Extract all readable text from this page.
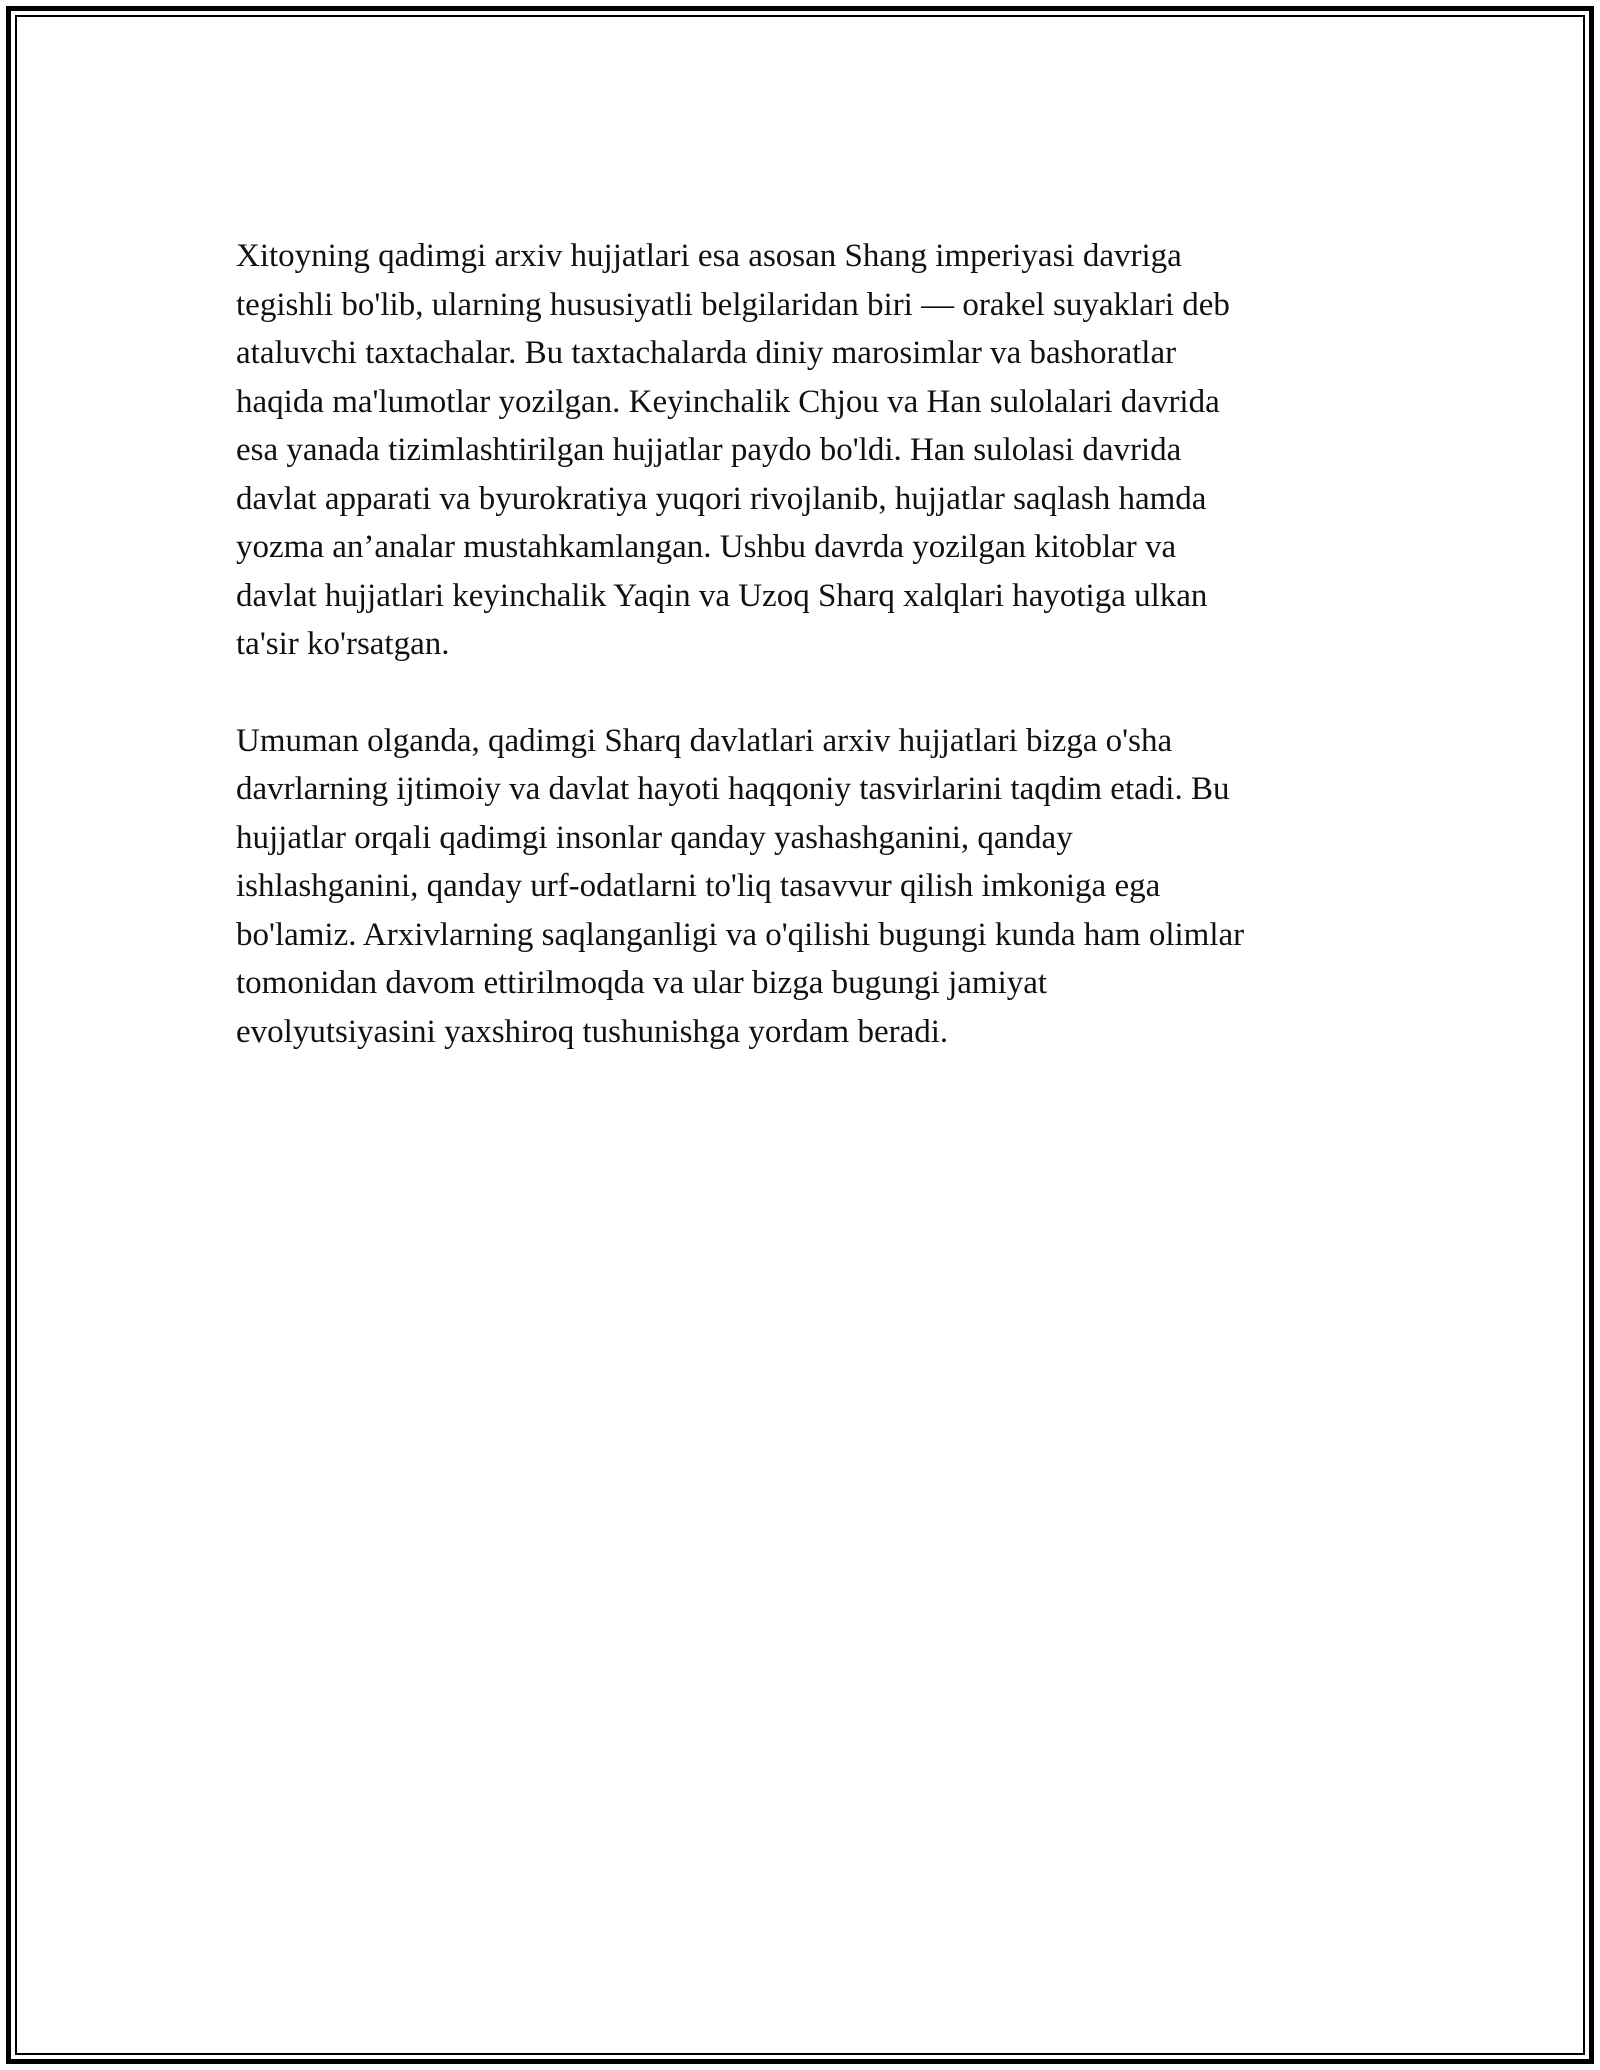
Xitoyning qadimgi arxiv hujjatlari esa asosan Shang imperiyasi davriga
tegishli bo'lib, ularning hususiyatli belgilaridan biri — orakel suyaklari deb
ataluvchi taxtachalar. Bu taxtachalarda diniy marosimlar va bashoratlar
haqida ma'lumotlar yozilgan. Keyinchalik Chjou va Han sulolalari davrida
esa yanada tizimlashtirilgan hujjatlar paydo bo'ldi. Han sulolasi davrida
davlat apparati va byurokratiya yuqori rivojlanib, hujjatlar saqlash hamda
yozma an’analar mustahkamlangan. Ushbu davrda yozilgan kitoblar va
davlat hujjatlari keyinchalik Yaqin va Uzoq Sharq xalqlari hayotiga ulkan
ta'sir ko'rsatgan.

Umuman olganda, qadimgi Sharq davlatlari arxiv hujjatlari bizga o'sha
davrlarning ijtimoiy va davlat hayoti haqqoniy tasvirlarini taqdim etadi. Bu
hujjatlar orqali qadimgi insonlar qanday yashashganini, qanday
ishlashganini, qanday urf-odatlarni to'liq tasavvur qilish imkoniga ega
bo'lamiz. Arxivlarning saqlanganligi va o'qilishi bugungi kunda ham olimlar
tomonidan davom ettirilmoqda va ular bizga bugungi jamiyat
evolyutsiyasini yaxshiroq tushunishga yordam beradi.
